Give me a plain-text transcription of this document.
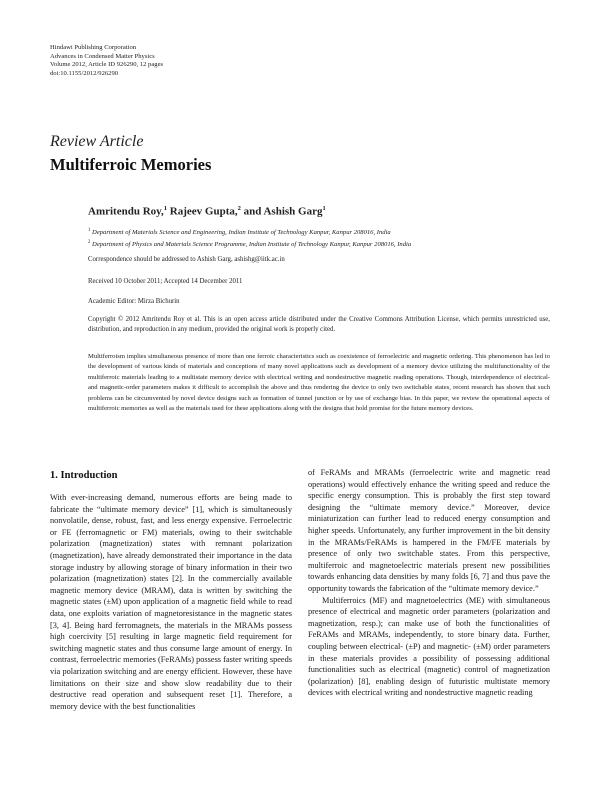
Hindawi Publishing Corporation
Advances in Condensed Matter Physics
Volume 2012, Article ID 926290, 12 pages
doi:10.1155/2012/926290
Review Article
Multiferroic Memories
Amritendu Roy,$^1$ Rajeev Gupta,$^2$ and Ashish Garg$^1$
$^1$ Department of Materials Science and Engineering, Indian Institute of Technology Kanpur, Kanpur 208016, India
$^2$ Department of Physics and Materials Science Programme, Indian Institute of Technology Kanpur, Kanpur 208016, India
Correspondence should be addressed to Ashish Garg, ashishg@iitk.ac.in
Received 10 October 2011; Accepted 14 December 2011
Academic Editor: Mirza Bichurin
Copyright © 2012 Amritendu Roy et al. This is an open access article distributed under the Creative Commons Attribution License, which permits unrestricted use, distribution, and reproduction in any medium, provided the original work is properly cited.
Multiferroism implies simultaneous presence of more than one ferroic characteristics such as coexistence of ferroelectric and magnetic ordering. This phenomenon has led to the development of various kinds of materials and conceptions of many novel applications such as development of a memory device utilizing the multifunctionality of the multiferroic materials leading to a multistate memory device with electrical writing and nondestructive magnetic reading operations. Though, interdependence of electrical- and magnetic-order parameters makes it difficult to accomplish the above and thus rendering the device to only two switchable states, recent research has shown that such problems can be circumvented by novel device designs such as formation of tunnel junction or by use of exchange bias. In this paper, we review the operational aspects of multiferroic memories as well as the materials used for these applications along with the designs that hold promise for the future memory devices.
1. Introduction

With ever-increasing demand, numerous efforts are being made to fabricate the “ultimate memory device” [1], which is simultaneously nonvolatile, dense, robust, fast, and less energy expensive. Ferroelectric or FE (ferromagnetic or FM) materials, owing to their switchable polarization (magnetization) states with remnant polarization (magnetization), have already demonstrated their importance in the data storage industry by allowing storage of binary information in their two polarization (magnetization) states [2]. In the commercially available magnetic memory device (MRAM), data is written by switching the magnetic states (±M) upon application of a magnetic field while to read data, one exploits variation of magnetoresistance in the magnetic states [3, 4]. Being hard ferromagnets, the materials in the MRAMs possess high coercivity [5] resulting in large magnetic field requirement for switching magnetic states and thus consume large amount of energy. In contrast, ferroelectric memories (FeRAMs) possess faster writing speeds via polarization switching and are energy efficient. However, these have limitations on their size and show slow readability due to their destructive read operation and subsequent reset [1]. Therefore, a memory device with the best functionalities

of FeRAMs and MRAMs (ferroelectric write and magnetic read operations) would effectively enhance the writing speed and reduce the specific energy consumption. This is probably the first step toward designing the “ultimate memory device.” Moreover, device miniaturization can further lead to reduced energy consumption and higher speeds. Unfortunately, any further improvement in the bit density in the MRAMs/FeRAMs is hampered in the FM/FE materials by presence of only two switchable states. From this perspective, multiferroic and magnetoelectric materials present new possibilities towards enhancing data densities by many folds [6, 7] and thus pave the opportunity towards the fabrication of the “ultimate memory device.”

Multiferroics (MF) and magnetoelectrics (ME) with simultaneous presence of electrical and magnetic order parameters (polarization and magnetization, resp.); can make use of both the functionalities of FeRAMs and MRAMs, independently, to store binary data. Further, coupling between electrical- (±P) and magnetic- (±M) order parameters in these materials provides a possibility of possessing additional functionalities such as electrical (magnetic) control of magnetization (polarization) [8], enabling design of futuristic multistate memory devices with electrical writing and nondestructive magnetic reading
